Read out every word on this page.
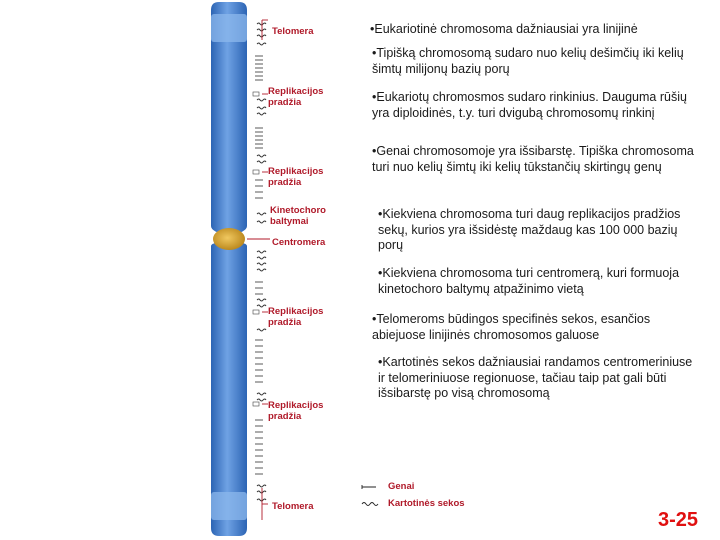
Telomera
Replikacijos pradžia
Replikacijos pradžia
Kinetochoro baltymai
Centromera
Replikacijos pradžia
Replikacijos pradžia
Telomera
•Eukariotinė chromosoma dažniausiai yra linijinė
•Tipišką chromosomą sudaro nuo kelių dešimčių iki kelių šimtų milijonų bazių porų
•Eukariotų chromosmos sudaro rinkinius. Dauguma rūšių yra diploidinės, t.y. turi dvigubą chromosomų rinkinį
•Genai chromosomoje yra išsibarstę. Tipiška chromosoma turi nuo kelių šimtų iki kelių tūkstančių skirtingų genų
•Kiekviena chromosoma turi daug replikacijos pradžios sekų, kurios yra išsidėstę maždaug kas 100 000 bazių porų
•Kiekviena chromosoma turi centromerą, kuri formuoja kinetochoro baltymų atpažinimo vietą
•Telomeroms būdingos specifinės sekos, esančios abiejuose linijinės chromosomos galuose
•Kartotinės sekos dažniausiai randamos centromeriniuse ir telomeriniuose regionuose, tačiau taip pat gali būti išsibarstę po visą chromosomą
Genai
Kartotinės sekos
3-25
